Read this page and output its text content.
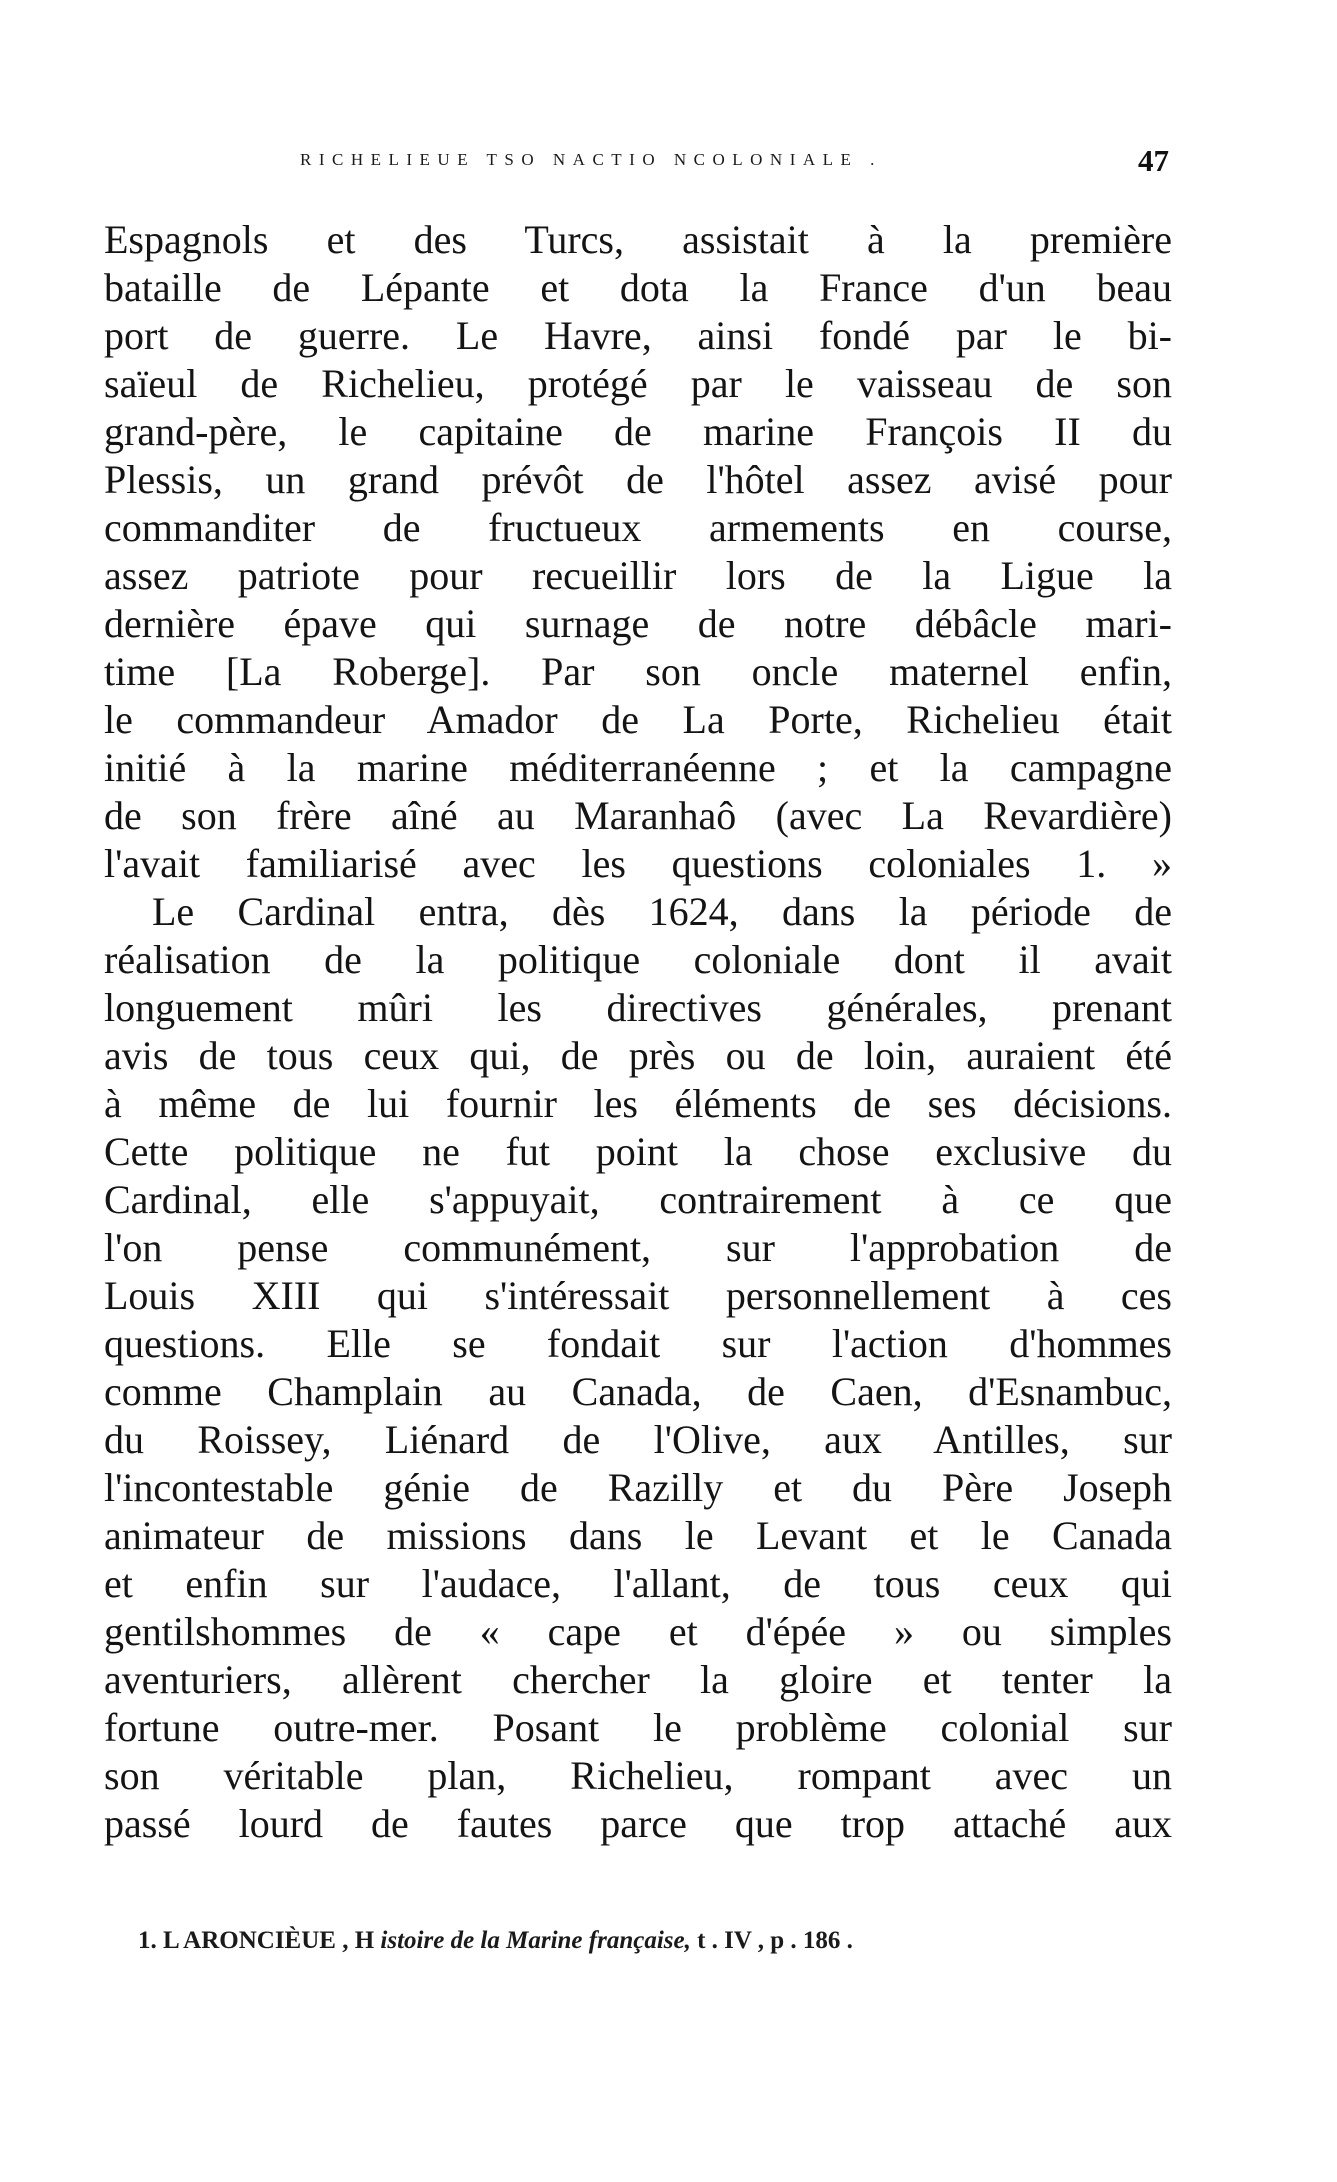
RICHELIEUE TSO NACTIO NCOLONIALE .	47
Espagnols et des Turcs, assistait à la première
bataille de Lépante et dota la France d'un beau
port de guerre. Le Havre, ainsi fondé par le bi-
saïeul de Richelieu, protégé par le vaisseau de son
grand-père, le capitaine de marine François II du
Plessis, un grand prévôt de l'hôtel assez avisé pour
commanditer de fructueux armements en course,
assez patriote pour recueillir lors de la Ligue la
dernière épave qui surnage de notre débâcle mari-
time [La Roberge]. Par son oncle maternel enfin,
le commandeur Amador de La Porte, Richelieu était
initié à la marine méditerranéenne ; et la campagne
de son frère aîné au Maranhaô (avec La Revardière)
l'avait familiarisé avec les questions coloniales 1. »
Le Cardinal entra, dès 1624, dans la période de
réalisation de la politique coloniale dont il avait
longuement mûri les directives générales, prenant
avis de tous ceux qui, de près ou de loin, auraient été
à même de lui fournir les éléments de ses décisions.
Cette politique ne fut point la chose exclusive du
Cardinal, elle s'appuyait, contrairement à ce que
l'on pense communément, sur l'approbation de
Louis XIII qui s'intéressait personnellement à ces
questions. Elle se fondait sur l'action d'hommes
comme Champlain au Canada, de Caen, d'Esnambuc,
du Roissey, Liénard de l'Olive, aux Antilles, sur
l'incontestable génie de Razilly et du Père Joseph
animateur de missions dans le Levant et le Canada
et enfin sur l'audace, l'allant, de tous ceux qui
gentilshommes de « cape et d'épée » ou simples
aventuriers, allèrent chercher la gloire et tenter la
fortune outre-mer. Posant le problème colonial sur
son véritable plan, Richelieu, rompant avec un
passé lourd de fautes parce que trop attaché aux
1. L ARONCIÈUE , H istoire de la Marine française, t . IV , p . 186 .
